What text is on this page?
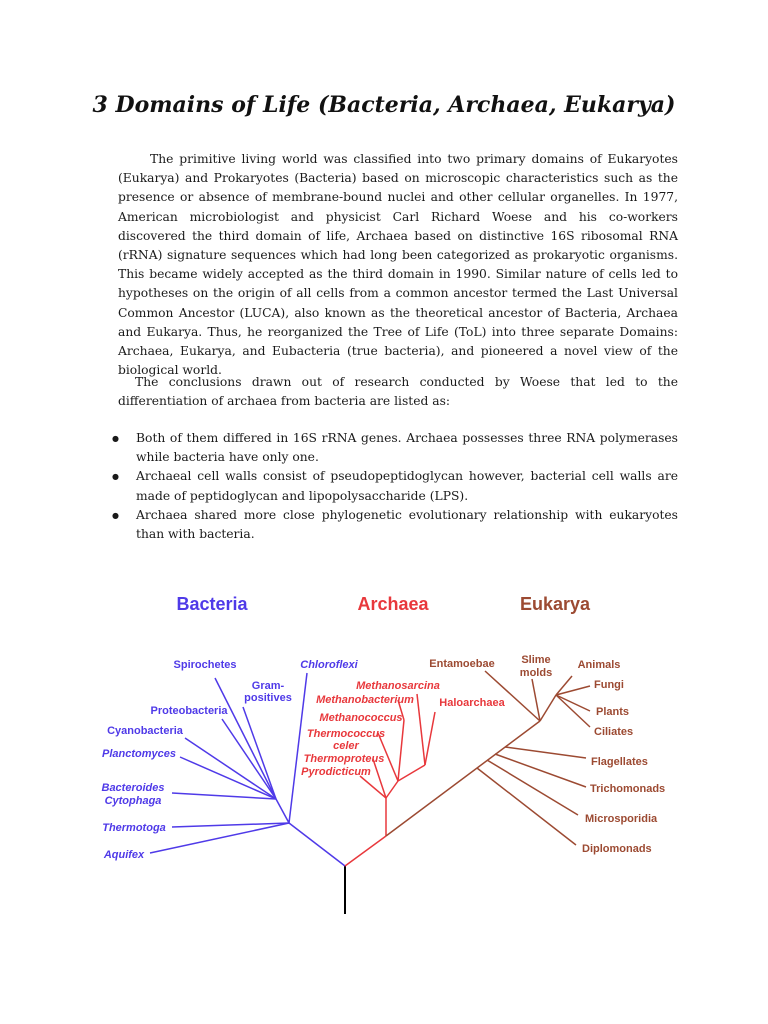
3 Domains of Life (Bacteria, Archaea, Eukarya)

The primitive living world was classified into two primary domains of Eukaryotes (Eukarya) and Prokaryotes (Bacteria) based on microscopic characteristics such as the presence or absence of membrane-bound nuclei and other cellular organelles. In 1977, American microbiologist and physicist Carl Richard Woese and his co-workers discovered the third domain of life, Archaea based on distinctive 16S ribosomal RNA (rRNA) signature sequences which had long been categorized as prokaryotic organisms. This became widely accepted as the third domain in 1990. Similar nature of cells led to hypotheses on the origin of all cells from a common ancestor termed the Last Universal Common Ancestor (LUCA), also known as the theoretical ancestor of Bacteria, Archaea and Eukarya. Thus, he reorganized the Tree of Life (ToL) into three separate Domains: Archaea, Eukarya, and Eubacteria (true bacteria), and pioneered a novel view of the biological world.

The conclusions drawn out of research conducted by Woese that led to the differentiation of archaea from bacteria are listed as:

● Both of them differed in 16S rRNA genes. Archaea possesses three RNA polymerases while bacteria have only one.
● Archaeal cell walls consist of pseudopeptidoglycan however, bacterial cell walls are made of peptidoglycan and lipopolysaccharide (LPS).
● Archaea shared more close phylogenetic evolutionary relationship with eukaryotes than with bacteria.
Bacteria	Archaea	Eukarya
Spirochetes	Chloroflexi
Gram-
positives
Proteobacteria
Cyanobacteria
Planctomyces
Bacteroides
Cytophaga
Thermotoga
Aquifex
Methanosarcina
Methanobacterium Haloarchaea
Methanococcus
Thermococcus
celer
Thermoproteus
Pyrodicticum
Entamoebae Slime
molds
Animals
Fungi
Plants
Ciliates
Flagellates
Trichomonads
Microsporidia
Diplomonads
